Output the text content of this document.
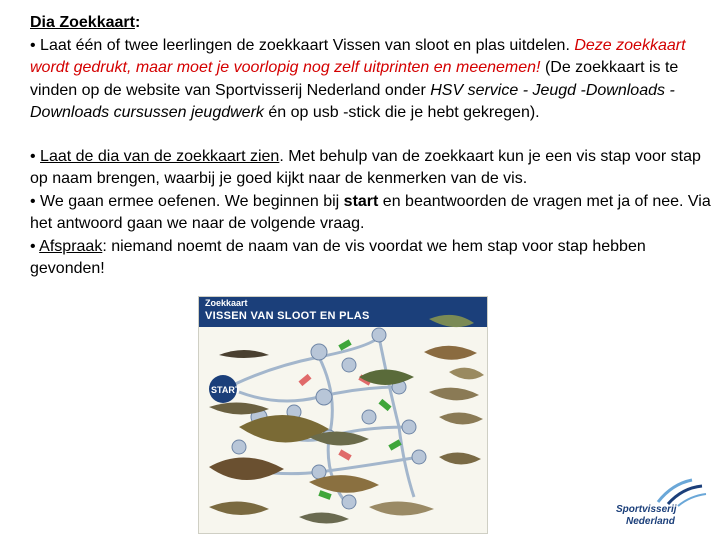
Dia Zoekkaart:

• Laat één of twee leerlingen de zoekkaart Vissen van sloot en plas uitdelen. Deze zoekkaart wordt gedrukt, maar moet je voorlopig nog zelf uitprinten en meenemen! (De zoekkaart is te vinden op de website van Sportvisserij Nederland onder HSV service - Jeugd -Downloads - Downloads cursussen jeugdwerk én op usb -stick die je hebt gekregen).

• Laat de dia van de zoekkaart zien. Met behulp van de zoekkaart kun je een vis stap voor stap op naam brengen, waarbij je goed kijkt naar de kenmerken van de vis.

• We gaan ermee oefenen. We beginnen bij start en beantwoorden de vragen met ja of nee. Via het antwoord gaan we naar de volgende vraag.

• Afspraak: niemand noemt de naam van de vis voordat we hem stap voor stap hebben gevonden!

Zoekkaart
VISSEN VAN SLOOT EN PLAS
START
Sportvisserij
Nederland
